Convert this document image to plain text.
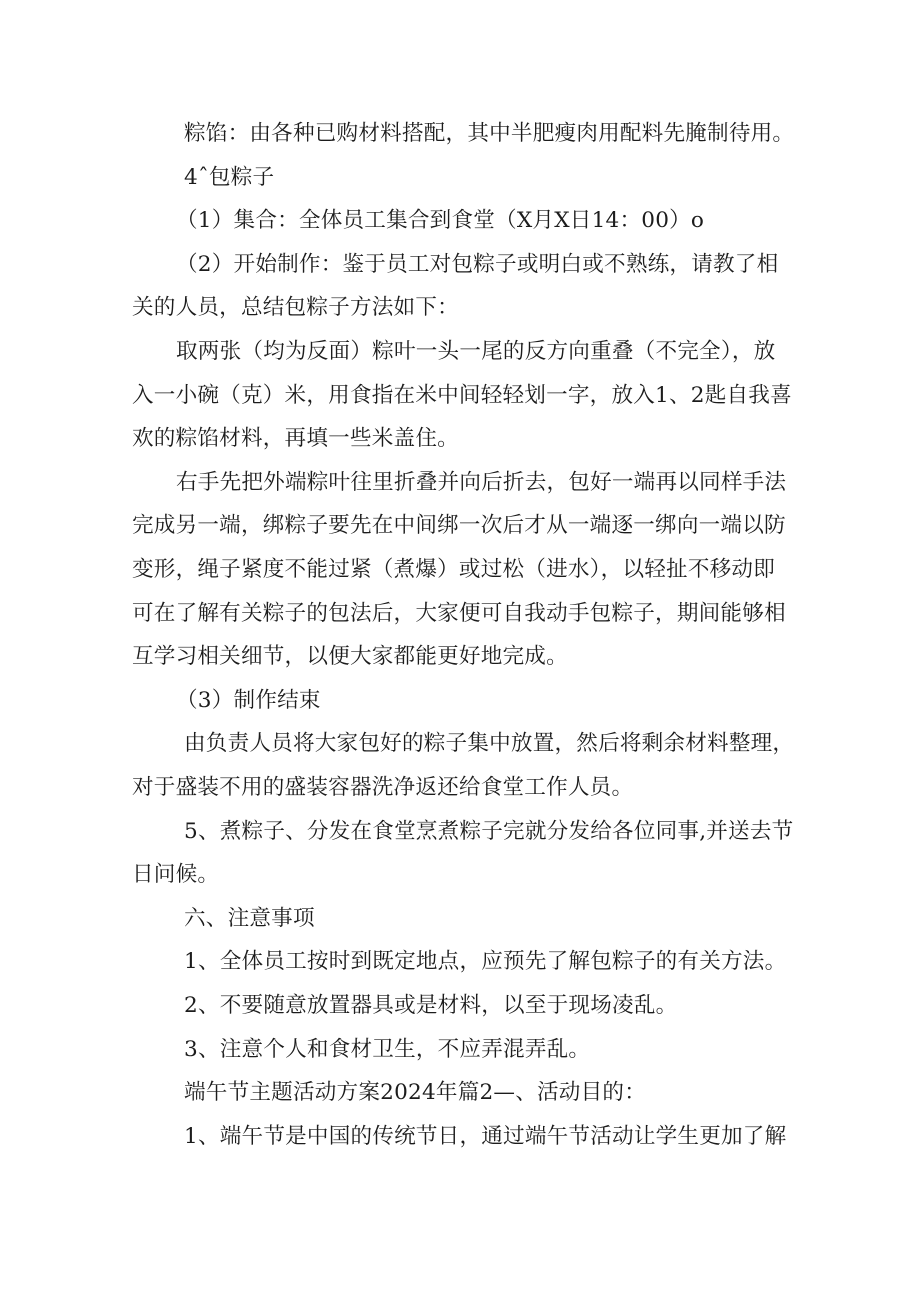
粽馅：由各种已购材料搭配，其中半肥瘦肉用配料先腌制待用。
4ˆ包粽子
（1）集合：全体员工集合到食堂（X月X日14：00）o
（2）开始制作：鉴于员工对包粽子或明白或不熟练，请教了相
关的人员，总结包粽子方法如下：
取两张（均为反面）粽叶一头一尾的反方向重叠（不完全），放
入一小碗（克）米，用食指在米中间轻轻划一字，放入1、2匙自我喜
欢的粽馅材料，再填一些米盖住。
右手先把外端粽叶往里折叠并向后折去，包好一端再以同样手法
完成另一端，绑粽子要先在中间绑一次后才从一端逐一绑向一端以防
变形，绳子紧度不能过紧（煮爆）或过松（进水），以轻扯不移动即
可在了解有关粽子的包法后，大家便可自我动手包粽子，期间能够相
互学习相关细节，以便大家都能更好地完成。
（3）制作结束
由负责人员将大家包好的粽子集中放置，然后将剩余材料整理，
对于盛装不用的盛装容器洗净返还给食堂工作人员。
5、煮粽子、分发在食堂烹煮粽子完就分发给各位同事,并送去节
日问候。
六、注意事项
1、全体员工按时到既定地点，应预先了解包粽子的有关方法。
2、不要随意放置器具或是材料，以至于现场凌乱。
3、注意个人和食材卫生，不应弄混弄乱。
端午节主题活动方案2024年篇2—、活动目的：
1、端午节是中国的传统节日，通过端午节活动让学生更加了解
